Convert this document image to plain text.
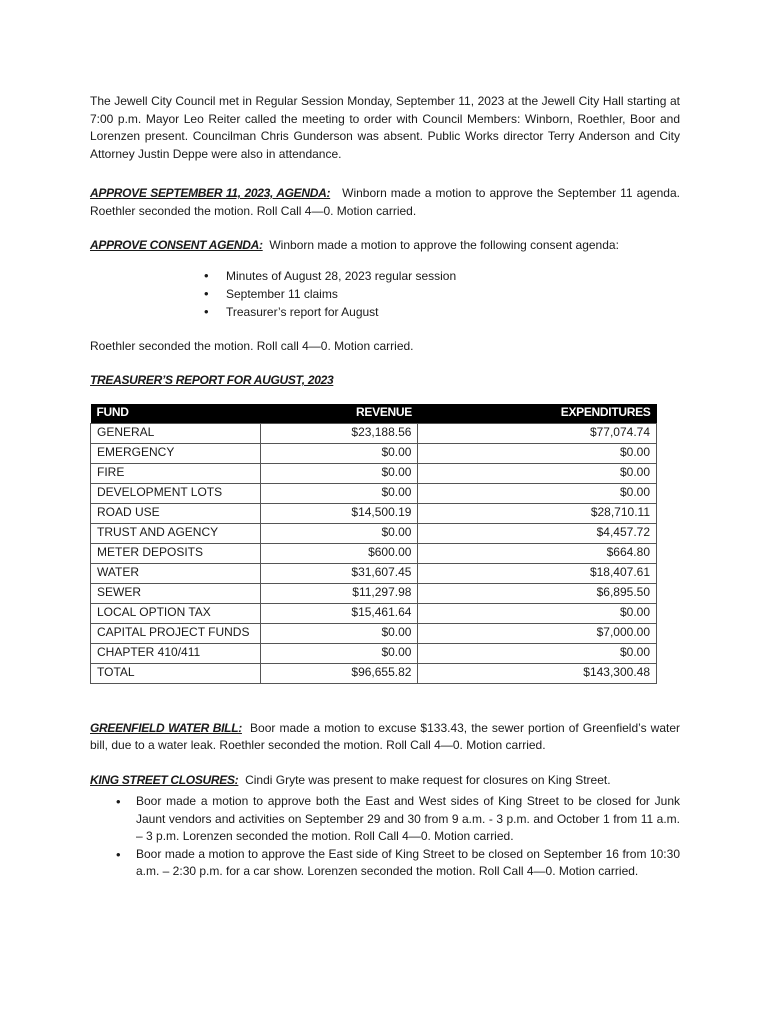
The Jewell City Council met in Regular Session Monday, September 11, 2023 at the Jewell City Hall starting at 7:00 p.m. Mayor Leo Reiter called the meeting to order with Council Members: Winborn, Roethler, Boor and Lorenzen present. Councilman Chris Gunderson was absent. Public Works director Terry Anderson and City Attorney Justin Deppe were also in attendance.

APPROVE SEPTEMBER 11, 2023, AGENDA: Winborn made a motion to approve the September 11 agenda. Roethler seconded the motion. Roll Call 4—0. Motion carried.

APPROVE CONSENT AGENDA: Winborn made a motion to approve the following consent agenda:

• Minutes of August 28, 2023 regular session
• September 11 claims
• Treasurer’s report for August

Roethler seconded the motion. Roll call 4—0. Motion carried.

TREASURER’S REPORT FOR AUGUST, 2023

FUND	REVENUE	EXPENDITURES
GENERAL	$23,188.56	$77,074.74
EMERGENCY	$0.00	$0.00
FIRE	$0.00	$0.00
DEVELOPMENT LOTS	$0.00	$0.00
ROAD USE	$14,500.19	$28,710.11
TRUST AND AGENCY	$0.00	$4,457.72
METER DEPOSITS	$600.00	$664.80
WATER	$31,607.45	$18,407.61
SEWER	$11,297.98	$6,895.50
LOCAL OPTION TAX	$15,461.64	$0.00
CAPITAL PROJECT FUNDS	$0.00	$7,000.00
CHAPTER 410/411	$0.00	$0.00
TOTAL	$96,655.82	$143,300.48

GREENFIELD WATER BILL: Boor made a motion to excuse $133.43, the sewer portion of Greenfield’s water bill, due to a water leak. Roethler seconded the motion. Roll Call 4—0. Motion carried.

KING STREET CLOSURES: Cindi Gryte was present to make request for closures on King Street.

• Boor made a motion to approve both the East and West sides of King Street to be closed for Junk Jaunt vendors and activities on September 29 and 30 from 9 a.m. - 3 p.m. and October 1 from 11 a.m. – 3 p.m. Lorenzen seconded the motion. Roll Call 4—0. Motion carried.
• Boor made a motion to approve the East side of King Street to be closed on September 16 from 10:30 a.m. – 2:30 p.m. for a car show. Lorenzen seconded the motion. Roll Call 4—0. Motion carried.
